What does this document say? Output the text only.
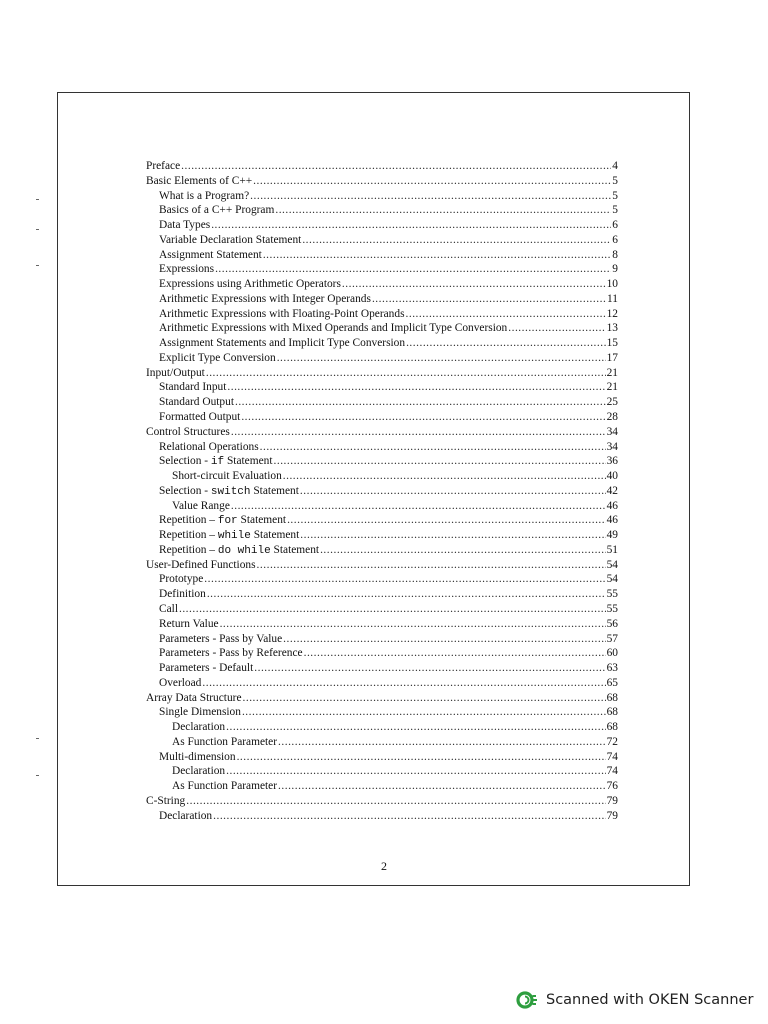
Preface .....	4
Basic Elements of C++ .....	5
What is a Program? .....	5
Basics of a C++ Program .....	5
Data Types .....	6
Variable Declaration Statement .....	6
Assignment Statement .....	8
Expressions .....	9
Expressions using Arithmetic Operators .....	10
Arithmetic Expressions with Integer Operands .....	11
Arithmetic Expressions with Floating-Point Operands .....	12
Arithmetic Expressions with Mixed Operands and Implicit Type Conversion .....	13
Assignment Statements and Implicit Type Conversion .....	15
Explicit Type Conversion .....	17
Input/Output .....	21
Standard Input .....	21
Standard Output .....	25
Formatted Output .....	28
Control Structures .....	34
Relational Operations .....	34
Selection - if Statement .....	36
Short-circuit Evaluation .....	40
Selection - switch Statement .....	42
Value Range .....	46
Repetition – for Statement .....	46
Repetition – while Statement .....	49
Repetition – do while Statement .....	51
User-Defined Functions .....	54
Prototype .....	54
Definition .....	55
Call .....	55
Return Value .....	56
Parameters - Pass by Value .....	57
Parameters - Pass by Reference .....	60
Parameters - Default .....	63
Overload .....	65
Array Data Structure .....	68
Single Dimension .....	68
Declaration .....	68
As Function Parameter .....	72
Multi-dimension .....	74
Declaration .....	74
As Function Parameter .....	76
C-String .....	79
Declaration .....	79
2
Scanned with OKEN Scanner
